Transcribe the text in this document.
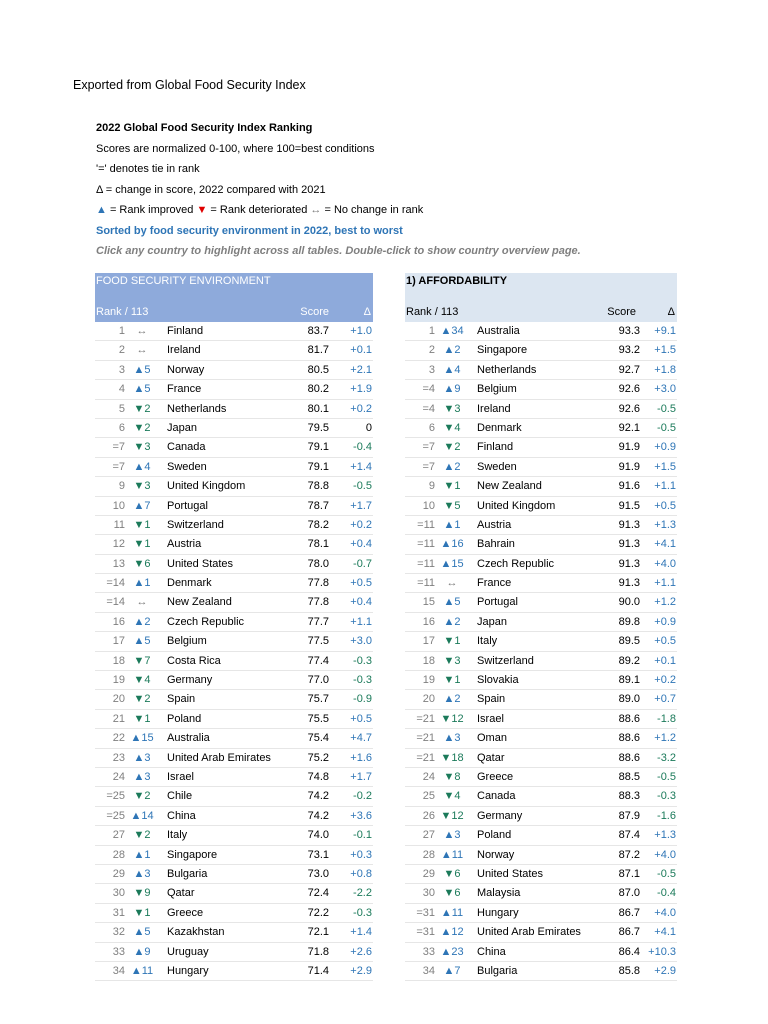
Exported from Global Food Security Index
2022 Global Food Security Index Ranking
Scores are normalized 0-100, where 100=best conditions
'=' denotes tie in rank
Δ = change in score, 2022 compared with 2021
▲ = Rank improved ▼ = Rank deteriorated ↔ = No change in rank
Sorted by food security environment in 2022, best to worst
Click any country to highlight across all tables. Double-click to show country overview page.
FOOD SECURITY ENVIRONMENT
Rank / 113	Score	Δ
1	↔	Finland	83.7	+1.0
2	↔	Ireland	81.7	+0.1
3 ▲5	Norway	80.5	+2.1
4 ▲5	France	80.2	+1.9
5 ▼2	Netherlands	80.1	+0.2
6 ▼2	Japan	79.5	0
=7 ▼3	Canada	79.1	-0.4
=7 ▲4	Sweden	79.1	+1.4
9 ▼3	United Kingdom	78.8	-0.5
10 ▲7	Portugal	78.7	+1.7
11 ▼1	Switzerland	78.2	+0.2
12 ▼1	Austria	78.1	+0.4
13 ▼6	United States	78.0	-0.7
=14 ▲1	Denmark	77.8	+0.5
=14	↔	New Zealand	77.8	+0.4
16 ▲2	Czech Republic	77.7	+1.1
17 ▲5	Belgium	77.5	+3.0
18 ▼7	Costa Rica	77.4	-0.3
19 ▼4	Germany	77.0	-0.3
20 ▼2	Spain	75.7	-0.9
21 ▼1	Poland	75.5	+0.5
22 ▲15	Australia	75.4	+4.7
23 ▲3	United Arab Emirates	75.2	+1.6
24 ▲3	Israel	74.8	+1.7
=25 ▼2	Chile	74.2	-0.2
=25 ▲14	China	74.2	+3.6
27 ▼2	Italy	74.0	-0.1
28 ▲1	Singapore	73.1	+0.3
29 ▲3	Bulgaria	73.0	+0.8
30 ▼9	Qatar	72.4	-2.2
31 ▼1	Greece	72.2	-0.3
32 ▲5	Kazakhstan	72.1	+1.4
33 ▲9	Uruguay	71.8	+2.6
34 ▲11	Hungary	71.4	+2.9
1) AFFORDABILITY
Rank / 113	Score	Δ
1 ▲34	Australia	93.3	+9.1
2 ▲2	Singapore	93.2	+1.5
3 ▲4	Netherlands	92.7	+1.8
=4 ▲9	Belgium	92.6	+3.0
=4 ▼3	Ireland	92.6	-0.5
6 ▼4	Denmark	92.1	-0.5
=7 ▼2	Finland	91.9	+0.9
=7 ▲2	Sweden	91.9	+1.5
9 ▼1	New Zealand	91.6	+1.1
10 ▼5	United Kingdom	91.5	+0.5
=11 ▲1	Austria	91.3	+1.3
=11 ▲16	Bahrain	91.3	+4.1
=11 ▲15	Czech Republic	91.3	+4.0
=11	↔	France	91.3	+1.1
15 ▲5	Portugal	90.0	+1.2
16 ▲2	Japan	89.8	+0.9
17 ▼1	Italy	89.5	+0.5
18 ▼3	Switzerland	89.2	+0.1
19 ▼1	Slovakia	89.1	+0.2
20 ▲2	Spain	89.0	+0.7
=21 ▼12	Israel	88.6	-1.8
=21 ▲3	Oman	88.6	+1.2
=21 ▼18	Qatar	88.6	-3.2
24 ▼8	Greece	88.5	-0.5
25 ▼4	Canada	88.3	-0.3
26 ▼12	Germany	87.9	-1.6
27 ▲3	Poland	87.4	+1.3
28 ▲11	Norway	87.2	+4.0
29 ▼6	United States	87.1	-0.5
30 ▼6	Malaysia	87.0	-0.4
=31 ▲11	Hungary	86.7	+4.0
=31 ▲12	United Arab Emirates	86.7	+4.1
33 ▲23	China	86.4 +10.3
34 ▲7	Bulgaria	85.8	+2.9
